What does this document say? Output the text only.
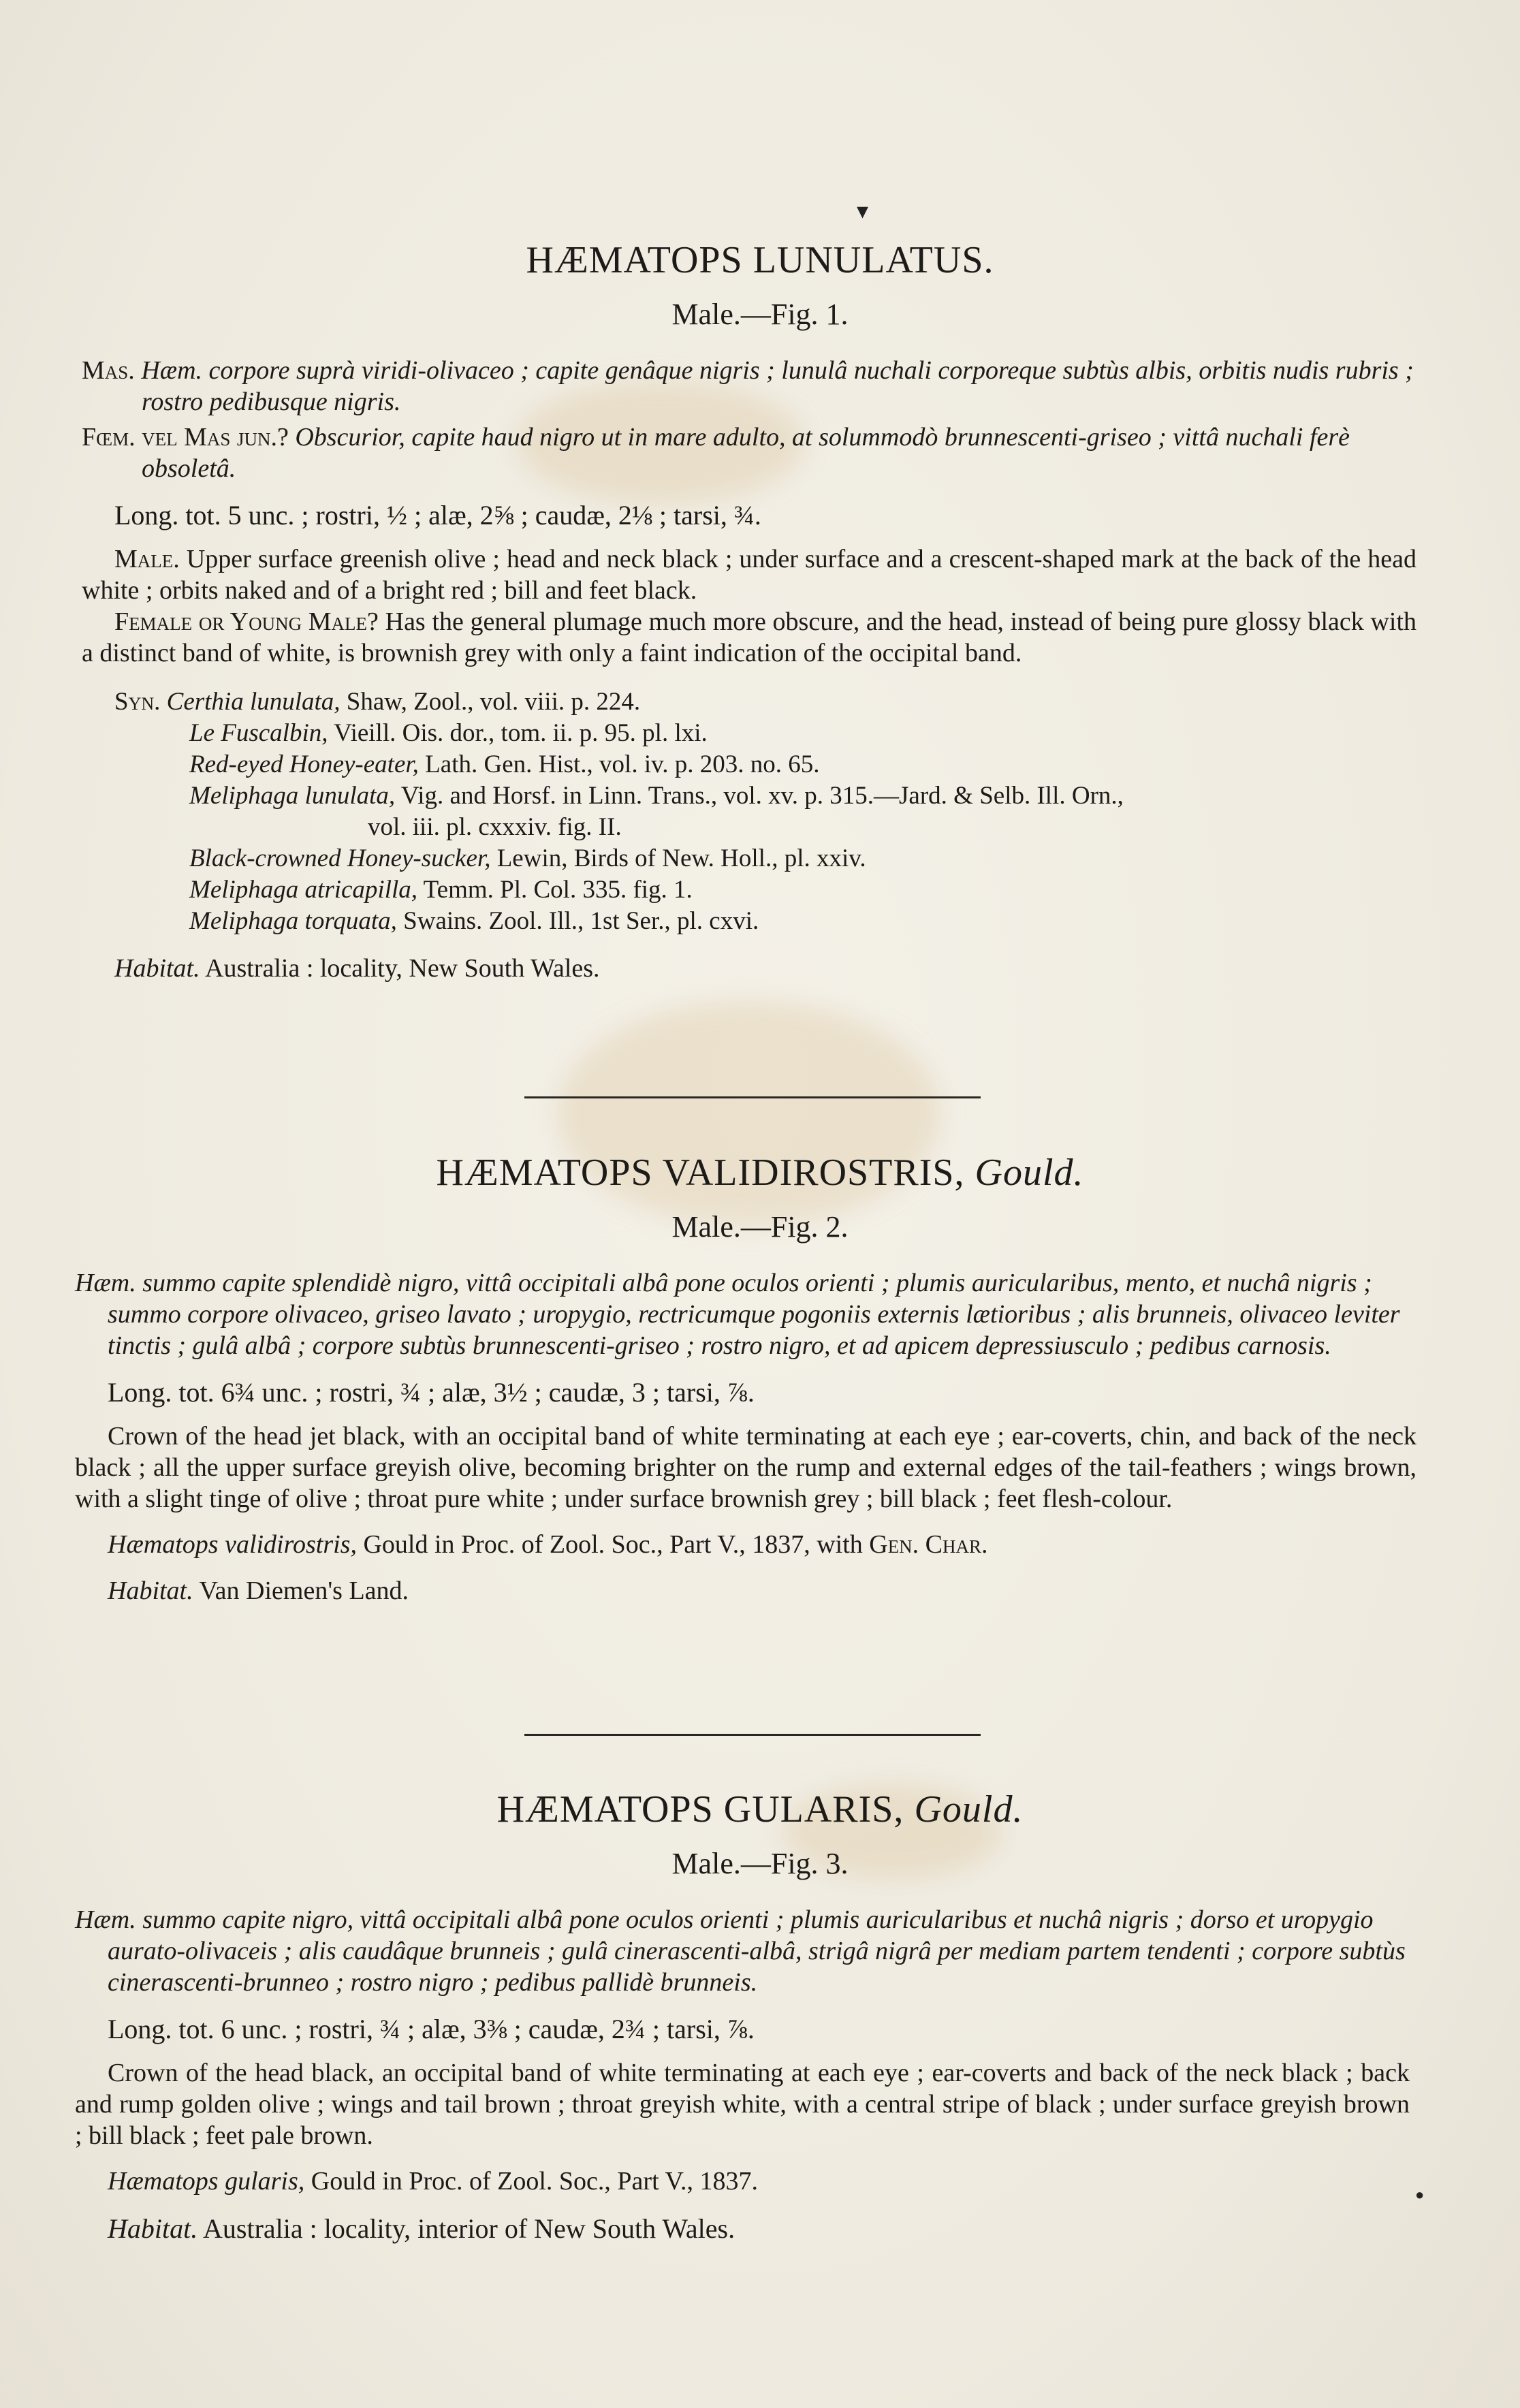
▾
●
HÆMATOPS LUNULATUS.

Male.—Fig. 1.

Mas. Hæm. corpore suprà viridi-olivaceo ; capite genâque nigris ; lunulâ nuchali corporeque subtùs albis, orbitis nudis rubris ; rostro pedibusque nigris.

Fœm. vel Mas jun.? Obscurior, capite haud nigro ut in mare adulto, at solummodò brunnescenti-griseo ; vittâ nuchali ferè obsoletâ.

Long. tot. 5 unc. ; rostri, ½ ; alæ, 2⅝ ; caudæ, 2⅛ ; tarsi, ¾.

Male. Upper surface greenish olive ; head and neck black ; under surface and a crescent-shaped mark at the back of the head white ; orbits naked and of a bright red ; bill and feet black.

Female or Young Male? Has the general plumage much more obscure, and the head, instead of being pure glossy black with a distinct band of white, is brownish grey with only a faint indication of the occipital band.

Syn. Certhia lunulata, Shaw, Zool., vol. viii. p. 224.

Le Fuscalbin, Vieill. Ois. dor., tom. ii. p. 95. pl. lxi.

Red-eyed Honey-eater, Lath. Gen. Hist., vol. iv. p. 203. no. 65.

Meliphaga lunulata, Vig. and Horsf. in Linn. Trans., vol. xv. p. 315.—Jard. & Selb. Ill. Orn.,

vol. iii. pl. cxxxiv. fig. II.

Black-crowned Honey-sucker, Lewin, Birds of New. Holl., pl. xxiv.

Meliphaga atricapilla, Temm. Pl. Col. 335. fig. 1.

Meliphaga torquata, Swains. Zool. Ill., 1st Ser., pl. cxvi.

Habitat. Australia : locality, New South Wales.

HÆMATOPS VALIDIROSTRIS, Gould.

Male.—Fig. 2.

Hæm. summo capite splendidè nigro, vittâ occipitali albâ pone oculos orienti ; plumis auricularibus, mento, et nuchâ nigris ; summo corpore olivaceo, griseo lavato ; uropygio, rectricumque pogoniis externis lætioribus ; alis brunneis, olivaceo leviter tinctis ; gulâ albâ ; corpore subtùs brunnescenti-griseo ; rostro nigro, et ad apicem depressiusculo ; pedibus carnosis.

Long. tot. 6¾ unc. ; rostri, ¾ ; alæ, 3½ ; caudæ, 3 ; tarsi, ⅞.

Crown of the head jet black, with an occipital band of white terminating at each eye ; ear-coverts, chin, and back of the neck black ; all the upper surface greyish olive, becoming brighter on the rump and external edges of the tail-feathers ; wings brown, with a slight tinge of olive ; throat pure white ; under surface brownish grey ; bill black ; feet flesh-colour.

Hæmatops validirostris, Gould in Proc. of Zool. Soc., Part V., 1837, with Gen. Char.

Habitat. Van Diemen's Land.

HÆMATOPS GULARIS, Gould.

Male.—Fig. 3.

Hæm. summo capite nigro, vittâ occipitali albâ pone oculos orienti ; plumis auricularibus et nuchâ nigris ; dorso et uropygio aurato-olivaceis ; alis caudâque brunneis ; gulâ cinerascenti-albâ, strigâ nigrâ per mediam partem tendenti ; corpore subtùs cinerascenti-brunneo ; rostro nigro ; pedibus pallidè brunneis.

Long. tot. 6 unc. ; rostri, ¾ ; alæ, 3⅜ ; caudæ, 2¾ ; tarsi, ⅞.

Crown of the head black, an occipital band of white terminating at each eye ; ear-coverts and back of the neck black ; back and rump golden olive ; wings and tail brown ; throat greyish white, with a central stripe of black ; under surface greyish brown ; bill black ; feet pale brown.

Hæmatops gularis, Gould in Proc. of Zool. Soc., Part V., 1837.

Habitat. Australia : locality, interior of New South Wales.
